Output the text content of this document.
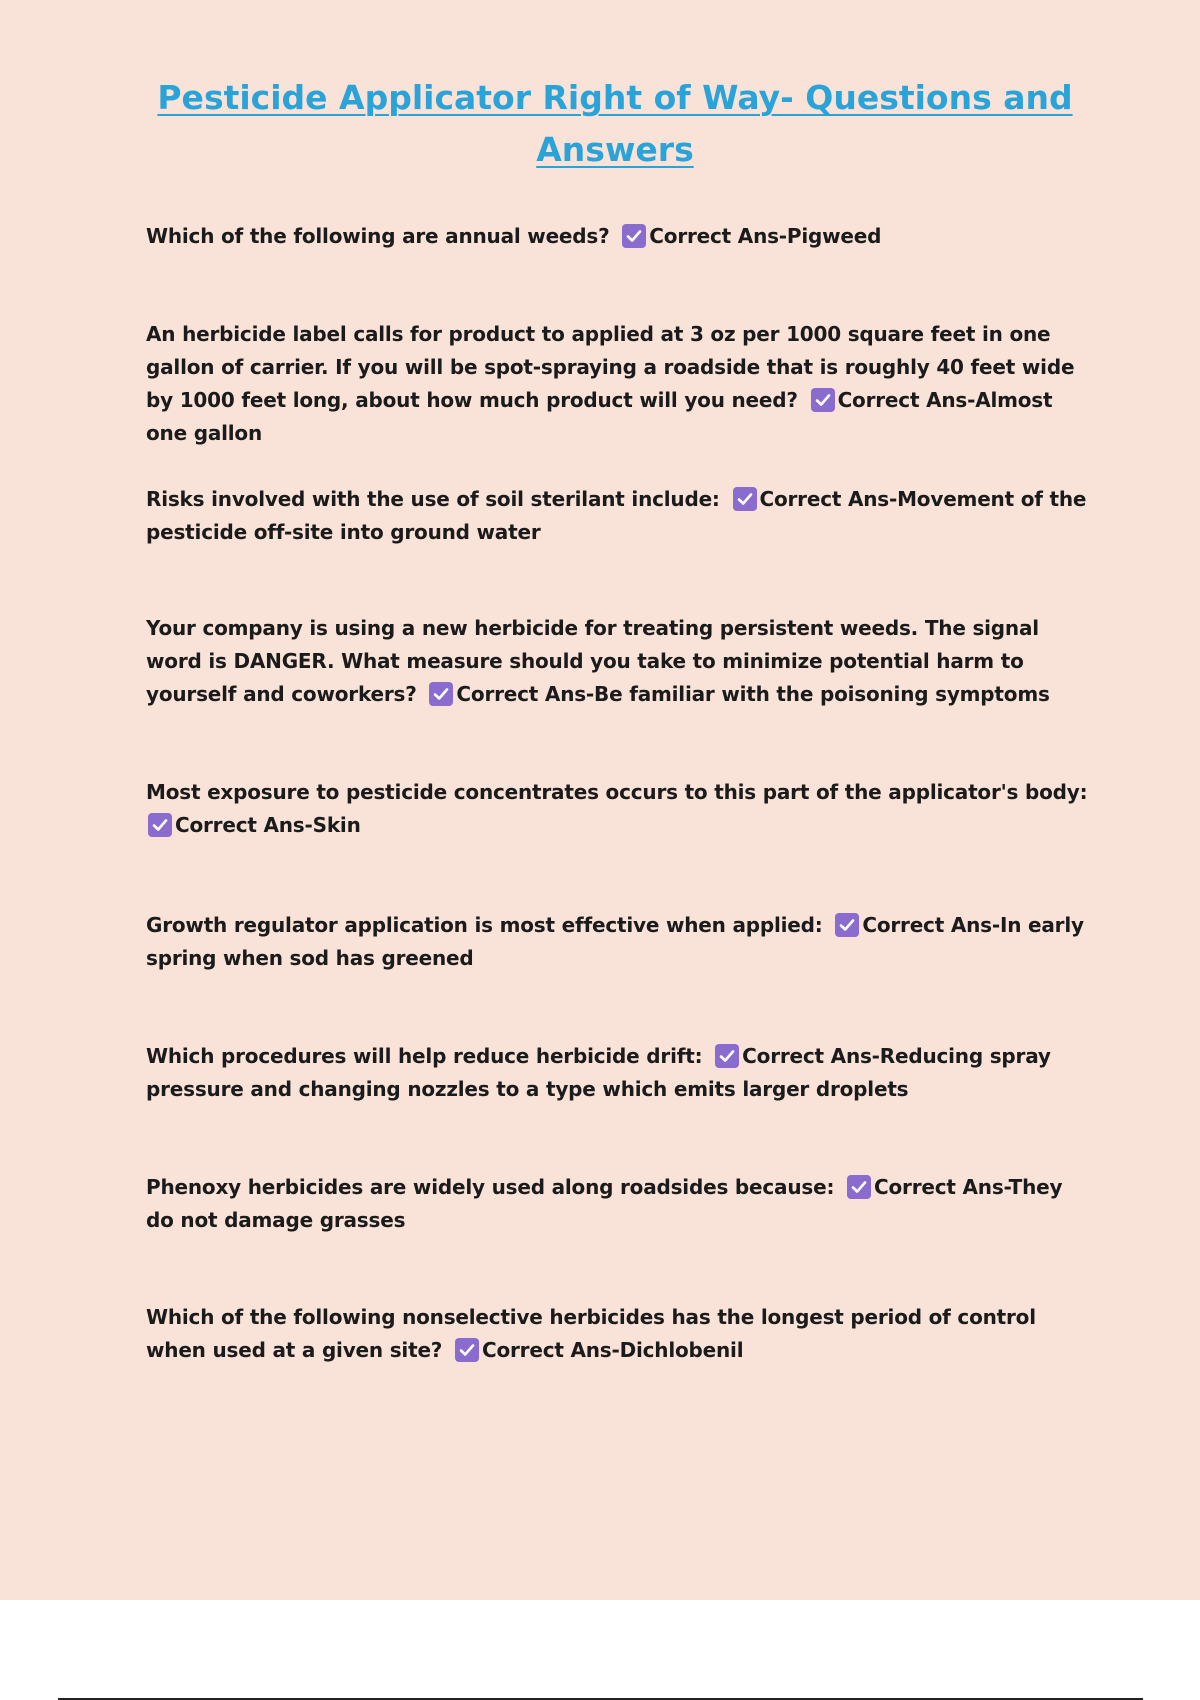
Pesticide Applicator Right of Way- Questions and Answers

Which of the following are annual weeds? Correct Ans-Pigweed

An herbicide label calls for product to applied at 3 oz per 1000 square feet in one gallon of carrier. If you will be spot-spraying a roadside that is roughly 40 feet wide by 1000 feet long, about how much product will you need? Correct Ans-Almost one gallon

Risks involved with the use of soil sterilant include: Correct Ans-Movement of the pesticide off-site into ground water

Your company is using a new herbicide for treating persistent weeds. The signal word is DANGER. What measure should you take to minimize potential harm to yourself and coworkers? Correct Ans-Be familiar with the poisoning symptoms

Most exposure to pesticide concentrates occurs to this part of the applicator's body:
Correct Ans-Skin

Growth regulator application is most effective when applied: Correct Ans-In early spring when sod has greened

Which procedures will help reduce herbicide drift: Correct Ans-Reducing spray pressure and changing nozzles to a type which emits larger droplets

Phenoxy herbicides are widely used along roadsides because: Correct Ans-They do not damage grasses

Which of the following nonselective herbicides has the longest period of control when used at a given site? Correct Ans-Dichlobenil
